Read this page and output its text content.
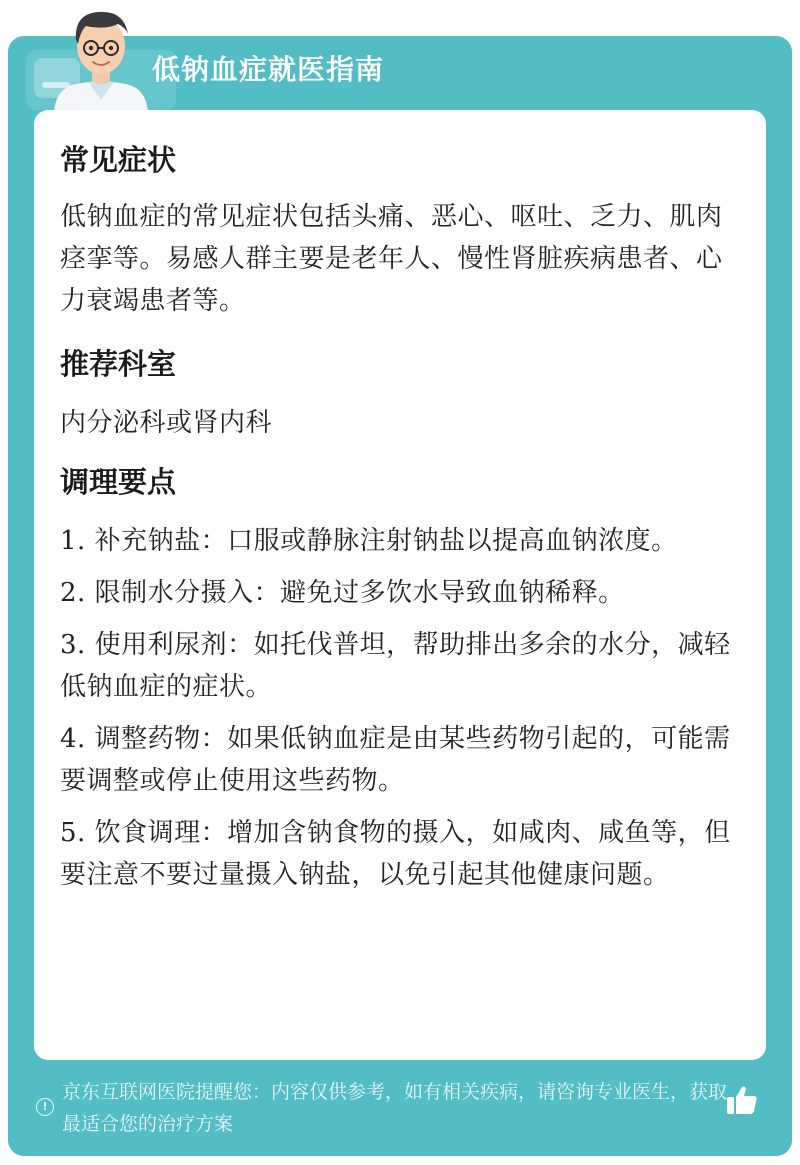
低钠血症就医指南
常见症状
低钠血症的常见症状包括头痛、恶心、呕吐、乏力、肌肉痉挛等。易感人群主要是老年人、慢性肾脏疾病患者、心力衰竭患者等。
推荐科室
内分泌科或肾内科
调理要点
1. 补充钠盐：口服或静脉注射钠盐以提高血钠浓度。
2. 限制水分摄入：避免过多饮水导致血钠稀释。
3. 使用利尿剂：如托伐普坦，帮助排出多余的水分，减轻低钠血症的症状。
4. 调整药物：如果低钠血症是由某些药物引起的，可能需要调整或停止使用这些药物。
5. 饮食调理：增加含钠食物的摄入，如咸肉、咸鱼等，但要注意不要过量摄入钠盐，以免引起其他健康问题。
!
京东互联网医院提醒您：内容仅供参考，如有相关疾病，请咨询专业医生，获取最适合您的治疗方案
